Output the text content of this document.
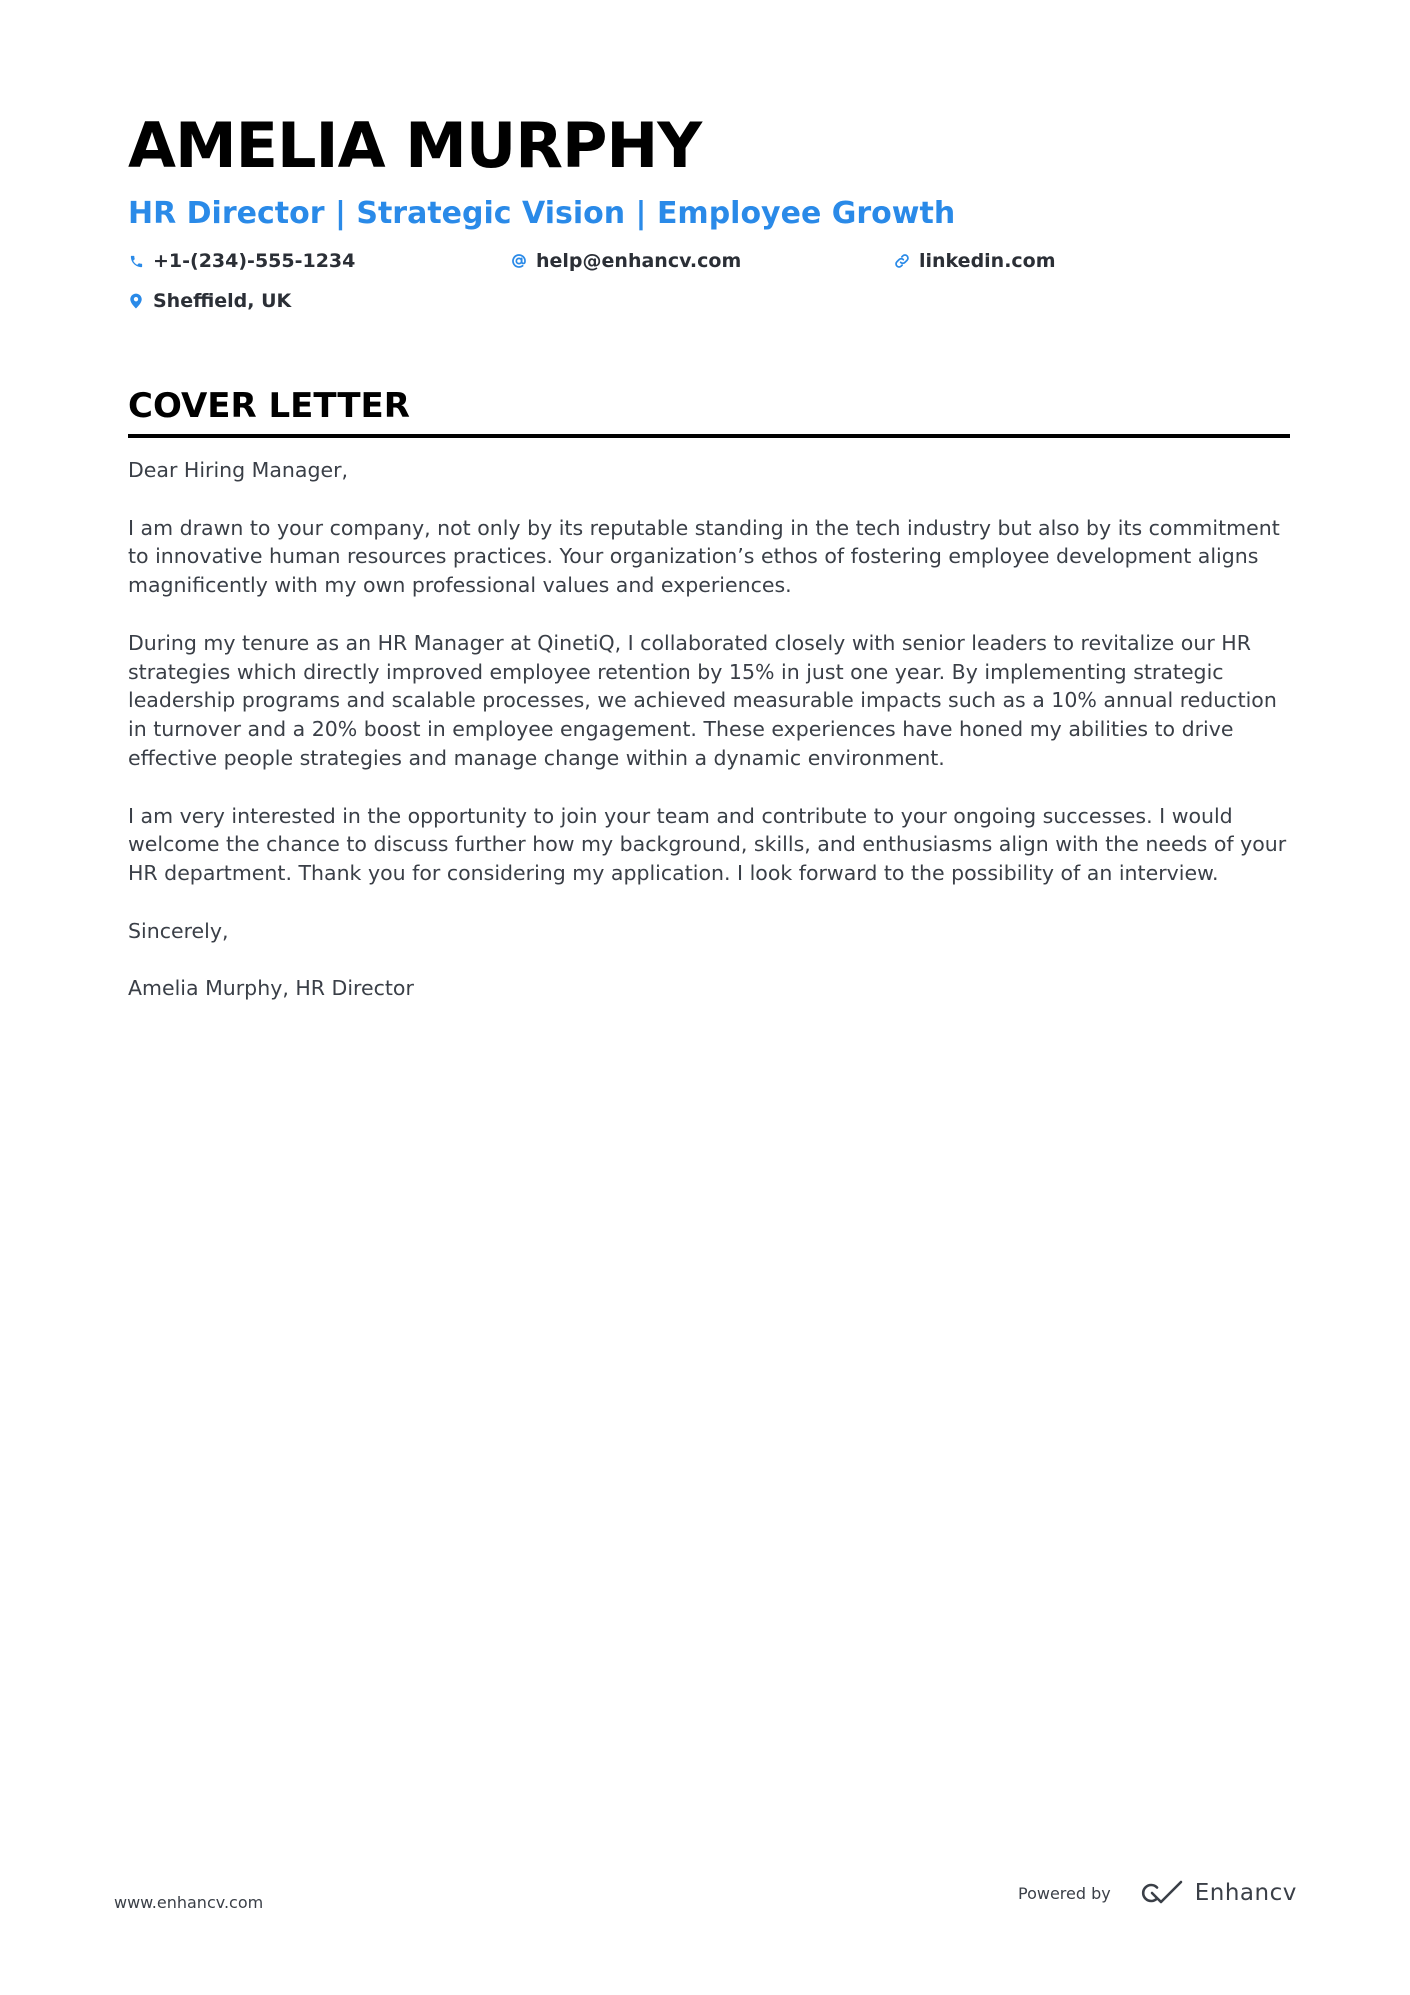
AMELIA MURPHY
HR Director | Strategic Vision | Employee Growth
+1-(234)-555-1234	help@enhancv.com	linkedin.com
Sheffield, UK
COVER LETTER

Dear Hiring Manager,

I am drawn to your company, not only by its reputable standing in the tech industry but also by its commitment to innovative human resources practices. Your organization’s ethos of fostering employee development aligns magnificently with my own professional values and experiences.

During my tenure as an HR Manager at QinetiQ, I collaborated closely with senior leaders to revitalize our HR strategies which directly improved employee retention by 15% in just one year. By implementing strategic leadership programs and scalable processes, we achieved measurable impacts such as a 10% annual reduction in turnover and a 20% boost in employee engagement. These experiences have honed my abilities to drive effective people strategies and manage change within a dynamic environment.

I am very interested in the opportunity to join your team and contribute to your ongoing successes. I would welcome the chance to discuss further how my background, skills, and enthusiasms align with the needs of your HR department. Thank you for considering my application. I look forward to the possibility of an interview.

Sincerely,

Amelia Murphy, HR Director

www.enhancv.com	Powered by	Enhancv
